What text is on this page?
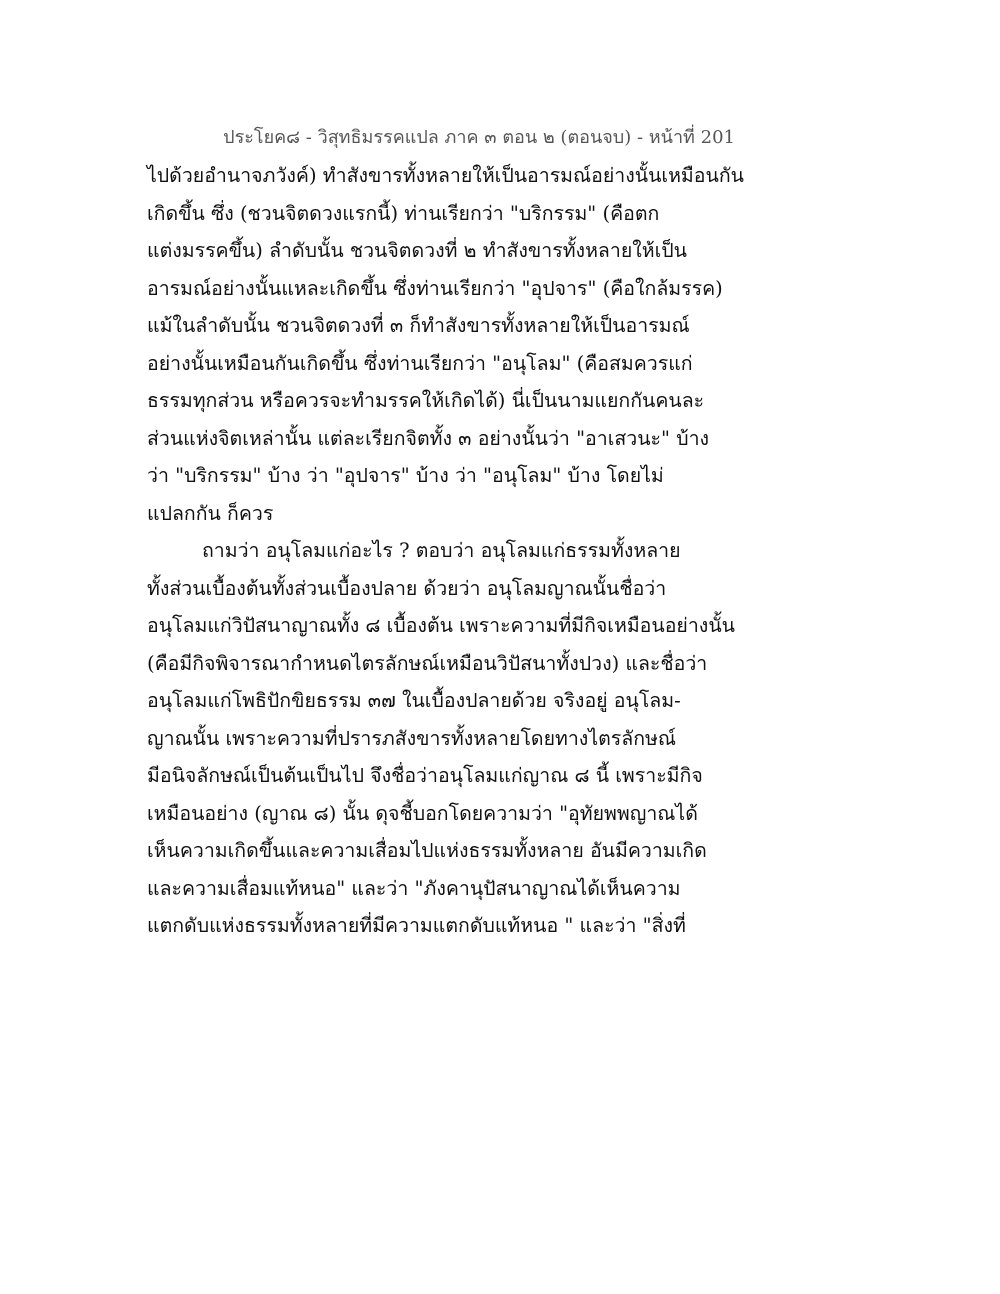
ประโยค๘ - วิสุทธิมรรคแปล ภาค ๓ ตอน ๒ (ตอนจบ) - หน้าที่ 201
ไปด้วยอำนาจภวังค์) ทำสังขารทั้งหลายให้เป็นอารมณ์อย่างนั้นเหมือนกัน
เกิดขึ้น ซึ่ง (ชวนจิตดวงแรกนี้) ท่านเรียกว่า "บริกรรม" (คือตก
แต่งมรรคขึ้น) ลำดับนั้น ชวนจิตดวงที่ ๒ ทำสังขารทั้งหลายให้เป็น
อารมณ์อย่างนั้นแหละเกิดขึ้น ซึ่งท่านเรียกว่า "อุปจาร" (คือใกล้มรรค)
แม้ในลำดับนั้น ชวนจิตดวงที่ ๓ ก็ทำสังขารทั้งหลายให้เป็นอารมณ์
อย่างนั้นเหมือนกันเกิดขึ้น ซึ่งท่านเรียกว่า "อนุโลม" (คือสมควรแก่
ธรรมทุกส่วน หรือควรจะทำมรรคให้เกิดได้) นี่เป็นนามแยกกันคนละ
ส่วนแห่งจิตเหล่านั้น แต่ละเรียกจิตทั้ง ๓ อย่างนั้นว่า "อาเสวนะ" บ้าง
ว่า "บริกรรม" บ้าง ว่า "อุปจาร" บ้าง ว่า "อนุโลม" บ้าง โดยไม่
แปลกกัน ก็ควร
ถามว่า อนุโลมแก่อะไร ? ตอบว่า อนุโลมแก่ธรรมทั้งหลาย
ทั้งส่วนเบื้องต้นทั้งส่วนเบื้องปลาย ด้วยว่า อนุโลมญาณนั้นชื่อว่า
อนุโลมแก่วิปัสนาญาณทั้ง ๘ เบื้องต้น เพราะความที่มีกิจเหมือนอย่างนั้น
(คือมีกิจพิจารณากำหนดไตรลักษณ์เหมือนวิปัสนาทั้งปวง) และชื่อว่า
อนุโลมแก่โพธิปักขิยธรรม ๓๗ ในเบื้องปลายด้วย จริงอยู่ อนุโลม-
ญาณนั้น เพราะความที่ปรารภสังขารทั้งหลายโดยทางไตรลักษณ์
มีอนิจลักษณ์เป็นต้นเป็นไป จึงชื่อว่าอนุโลมแก่ญาณ ๘ นี้ เพราะมีกิจ
เหมือนอย่าง (ญาณ ๘) นั้น ดุจชี้บอกโดยความว่า "อุทัยพพญาณได้
เห็นความเกิดขึ้นและความเสื่อมไปแห่งธรรมทั้งหลาย อันมีความเกิด
และความเสื่อมแท้หนอ" และว่า "ภังคานุปัสนาญาณได้เห็นความ
แตกดับแห่งธรรมทั้งหลายที่มีความแตกดับแท้หนอ " และว่า "สิ่งที่
